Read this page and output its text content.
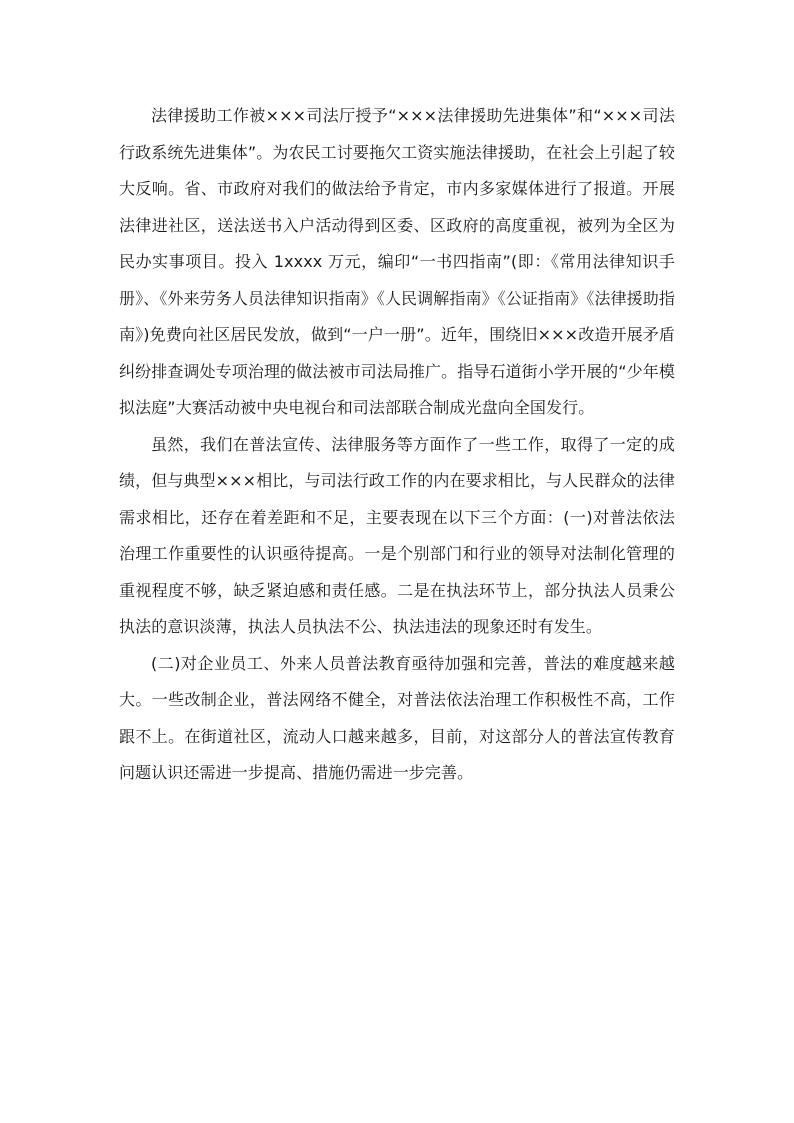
法律援助工作被×××司法厅授予“×××法律援助先进集体”和“×××司法行政系统先进集体”。为农民工讨要拖欠工资实施法律援助，在社会上引起了较大反响。省、市政府对我们的做法给予肯定，市内多家媒体进行了报道。开展法律进社区，送法送书入户活动得到区委、区政府的高度重视，被列为全区为民办实事项目。投入 1xxxx 万元，编印“一书四指南”(即：《常用法律知识手册》、《外来劳务人员法律知识指南》《人民调解指南》《公证指南》《法律援助指南》)免费向社区居民发放，做到“一户一册”。近年，围绕旧×××改造开展矛盾纠纷排查调处专项治理的做法被市司法局推广。指导石道街小学开展的“少年模拟法庭”大赛活动被中央电视台和司法部联合制成光盘向全国发行。

虽然，我们在普法宣传、法律服务等方面作了一些工作，取得了一定的成绩，但与典型×××相比，与司法行政工作的内在要求相比，与人民群众的法律需求相比，还存在着差距和不足，主要表现在以下三个方面：(一)对普法依法治理工作重要性的认识亟待提高。一是个别部门和行业的领导对法制化管理的重视程度不够，缺乏紧迫感和责任感。二是在执法环节上，部分执法人员秉公执法的意识淡薄，执法人员执法不公、执法违法的现象还时有发生。

(二)对企业员工、外来人员普法教育亟待加强和完善，普法的难度越来越大。一些改制企业，普法网络不健全，对普法依法治理工作积极性不高，工作跟不上。在街道社区，流动人口越来越多，目前，对这部分人的普法宣传教育问题认识还需进一步提高、措施仍需进一步完善。
